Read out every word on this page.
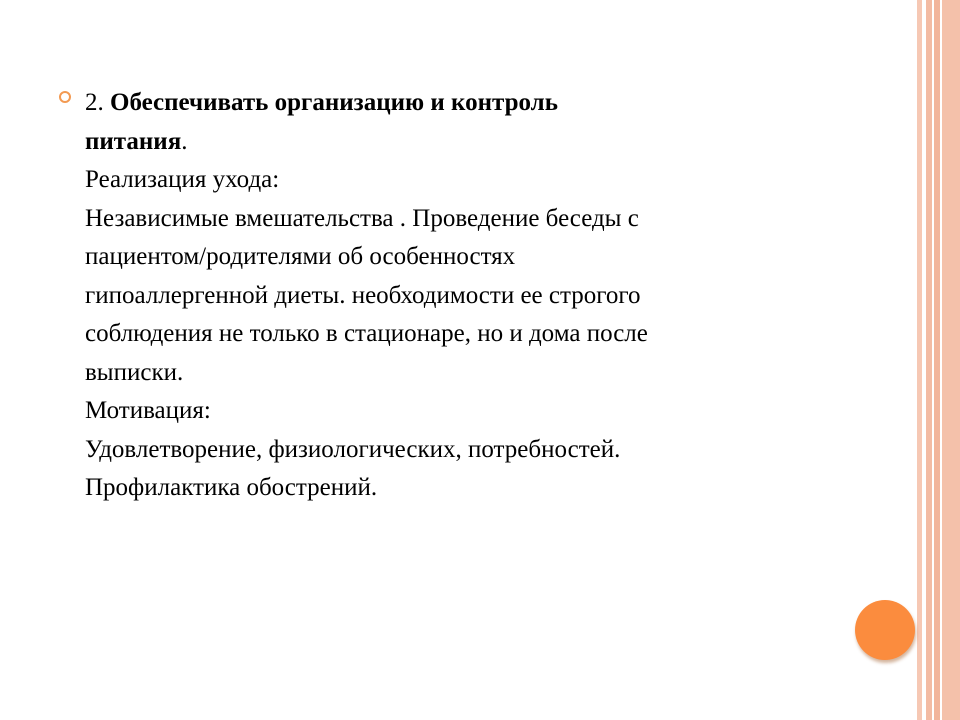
2. Обеспечивать организацию и контроль
питания.
Реализация ухода:
Независимые вмешательства . Проведение беседы с
пациентом/родителями об особенностях
гипоаллергенной диеты. необходимости ее строгого
соблюдения не только в стационаре, но и дома после
выписки.
Мотивация:
Удовлетворение, физиологических, потребностей.
Профилактика обострений.
